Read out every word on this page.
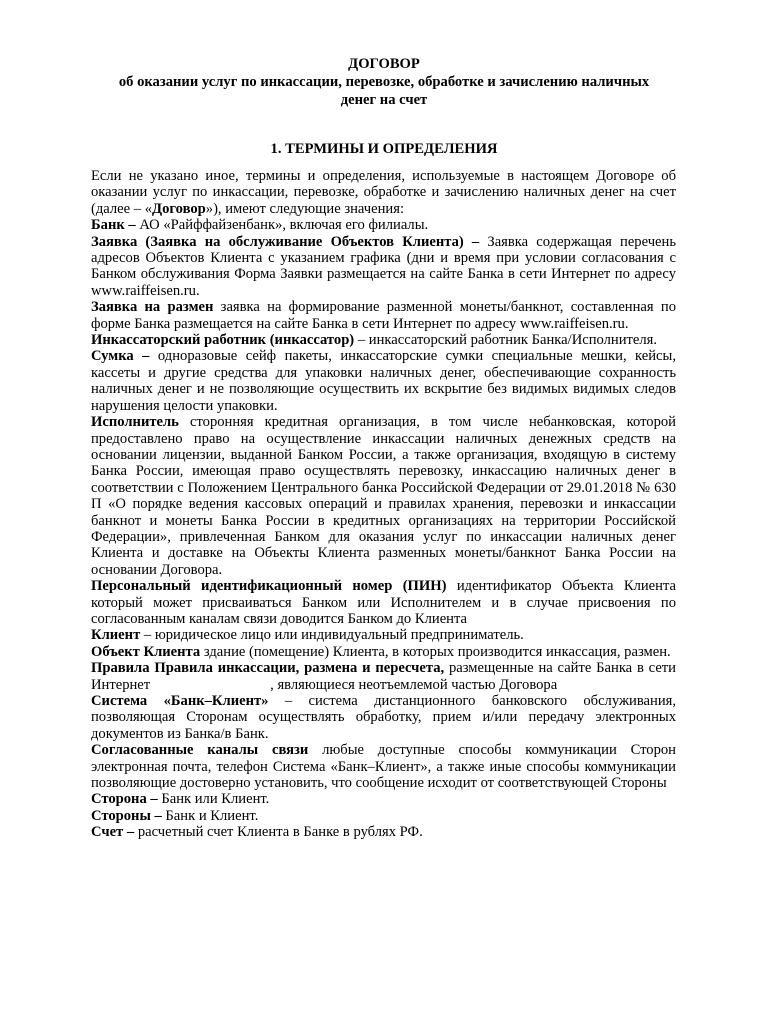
ДОГОВОР
об оказании услуг по инкассации, перевозке, обработке и зачислению наличных
денег на счет
1. ТЕРМИНЫ И ОПРЕДЕЛЕНИЯ

Если не указано иное, термины и определения, используемые в настоящем Договоре об оказании услуг по инкассации, перевозке, обработке и зачислению наличных денег на счет (далее – «Договор»), имеют следующие значения:

Банк – АО «Райффайзенбанк», включая его филиалы.

Заявка (Заявка на обслуживание Объектов Клиента) – Заявка содержащая перечень адресов Объектов Клиента с указанием графика (дни и время при условии согласования с Банком обслуживания Форма Заявки размещается на сайте Банка в сети Интернет по адресу www.raiffeisen.ru.

Заявка на размен заявка на формирование разменной монеты/банкнот, составленная по форме Банка размещается на сайте Банка в сети Интернет по адресу www.raiffeisen.ru.

Инкассаторский работник (инкассатор) – инкассаторский работник Банка/Исполнителя.

Сумка – одноразовые сейф пакеты, инкассаторские сумки специальные мешки, кейсы, кассеты и другие средства для упаковки наличных денег, обеспечивающие сохранность наличных денег и не позволяющие осуществить их вскрытие без видимых видимых следов нарушения целости упаковки.

Исполнитель сторонняя кредитная организация, в том числе небанковская, которой предоставлено право на осуществление инкассации наличных денежных средств на основании лицензии, выданной Банком России, а также организация, входящую в систему Банка России, имеющая право осуществлять перевозку, инкассацию наличных денег в соответствии с Положением Центрального банка Российской Федерации от 29.01.2018 № 630 П «О порядке ведения кассовых операций и правилах хранения, перевозки и инкассации банкнот и монеты Банка России в кредитных организациях на территории Российской Федерации», привлеченная Банком для оказания услуг по инкассации наличных денег Клиента и доставке на Объекты Клиента разменных монеты/банкнот Банка России на основании Договора.

Персональный идентификационный номер (ПИН) идентификатор Объекта Клиента который может присваиваться Банком или Исполнителем и в случае присвоения по согласованным каналам связи доводится Банком до Клиента

Клиент – юридическое лицо или индивидуальный предприниматель.

Объект Клиента здание (помещение) Клиента, в которых производится инкассация, размен.

Правила Правила инкассации, размена и пересчета, размещенные на сайте Банка в сети Интернет	, являющиеся неотъемлемой частью Договора

Система «Банк–Клиент» – система дистанционного банковского обслуживания, позволяющая Сторонам осуществлять обработку, прием и/или передачу электронных документов из Банка/в Банк.

Согласованные каналы связи любые доступные способы коммуникации Сторон электронная почта, телефон Система «Банк–Клиент», а также иные способы коммуникации позволяющие достоверно установить, что сообщение исходит от соответствующей Стороны

Сторона – Банк или Клиент.

Стороны – Банк и Клиент.

Счет – расчетный счет Клиента в Банке в рублях РФ.
